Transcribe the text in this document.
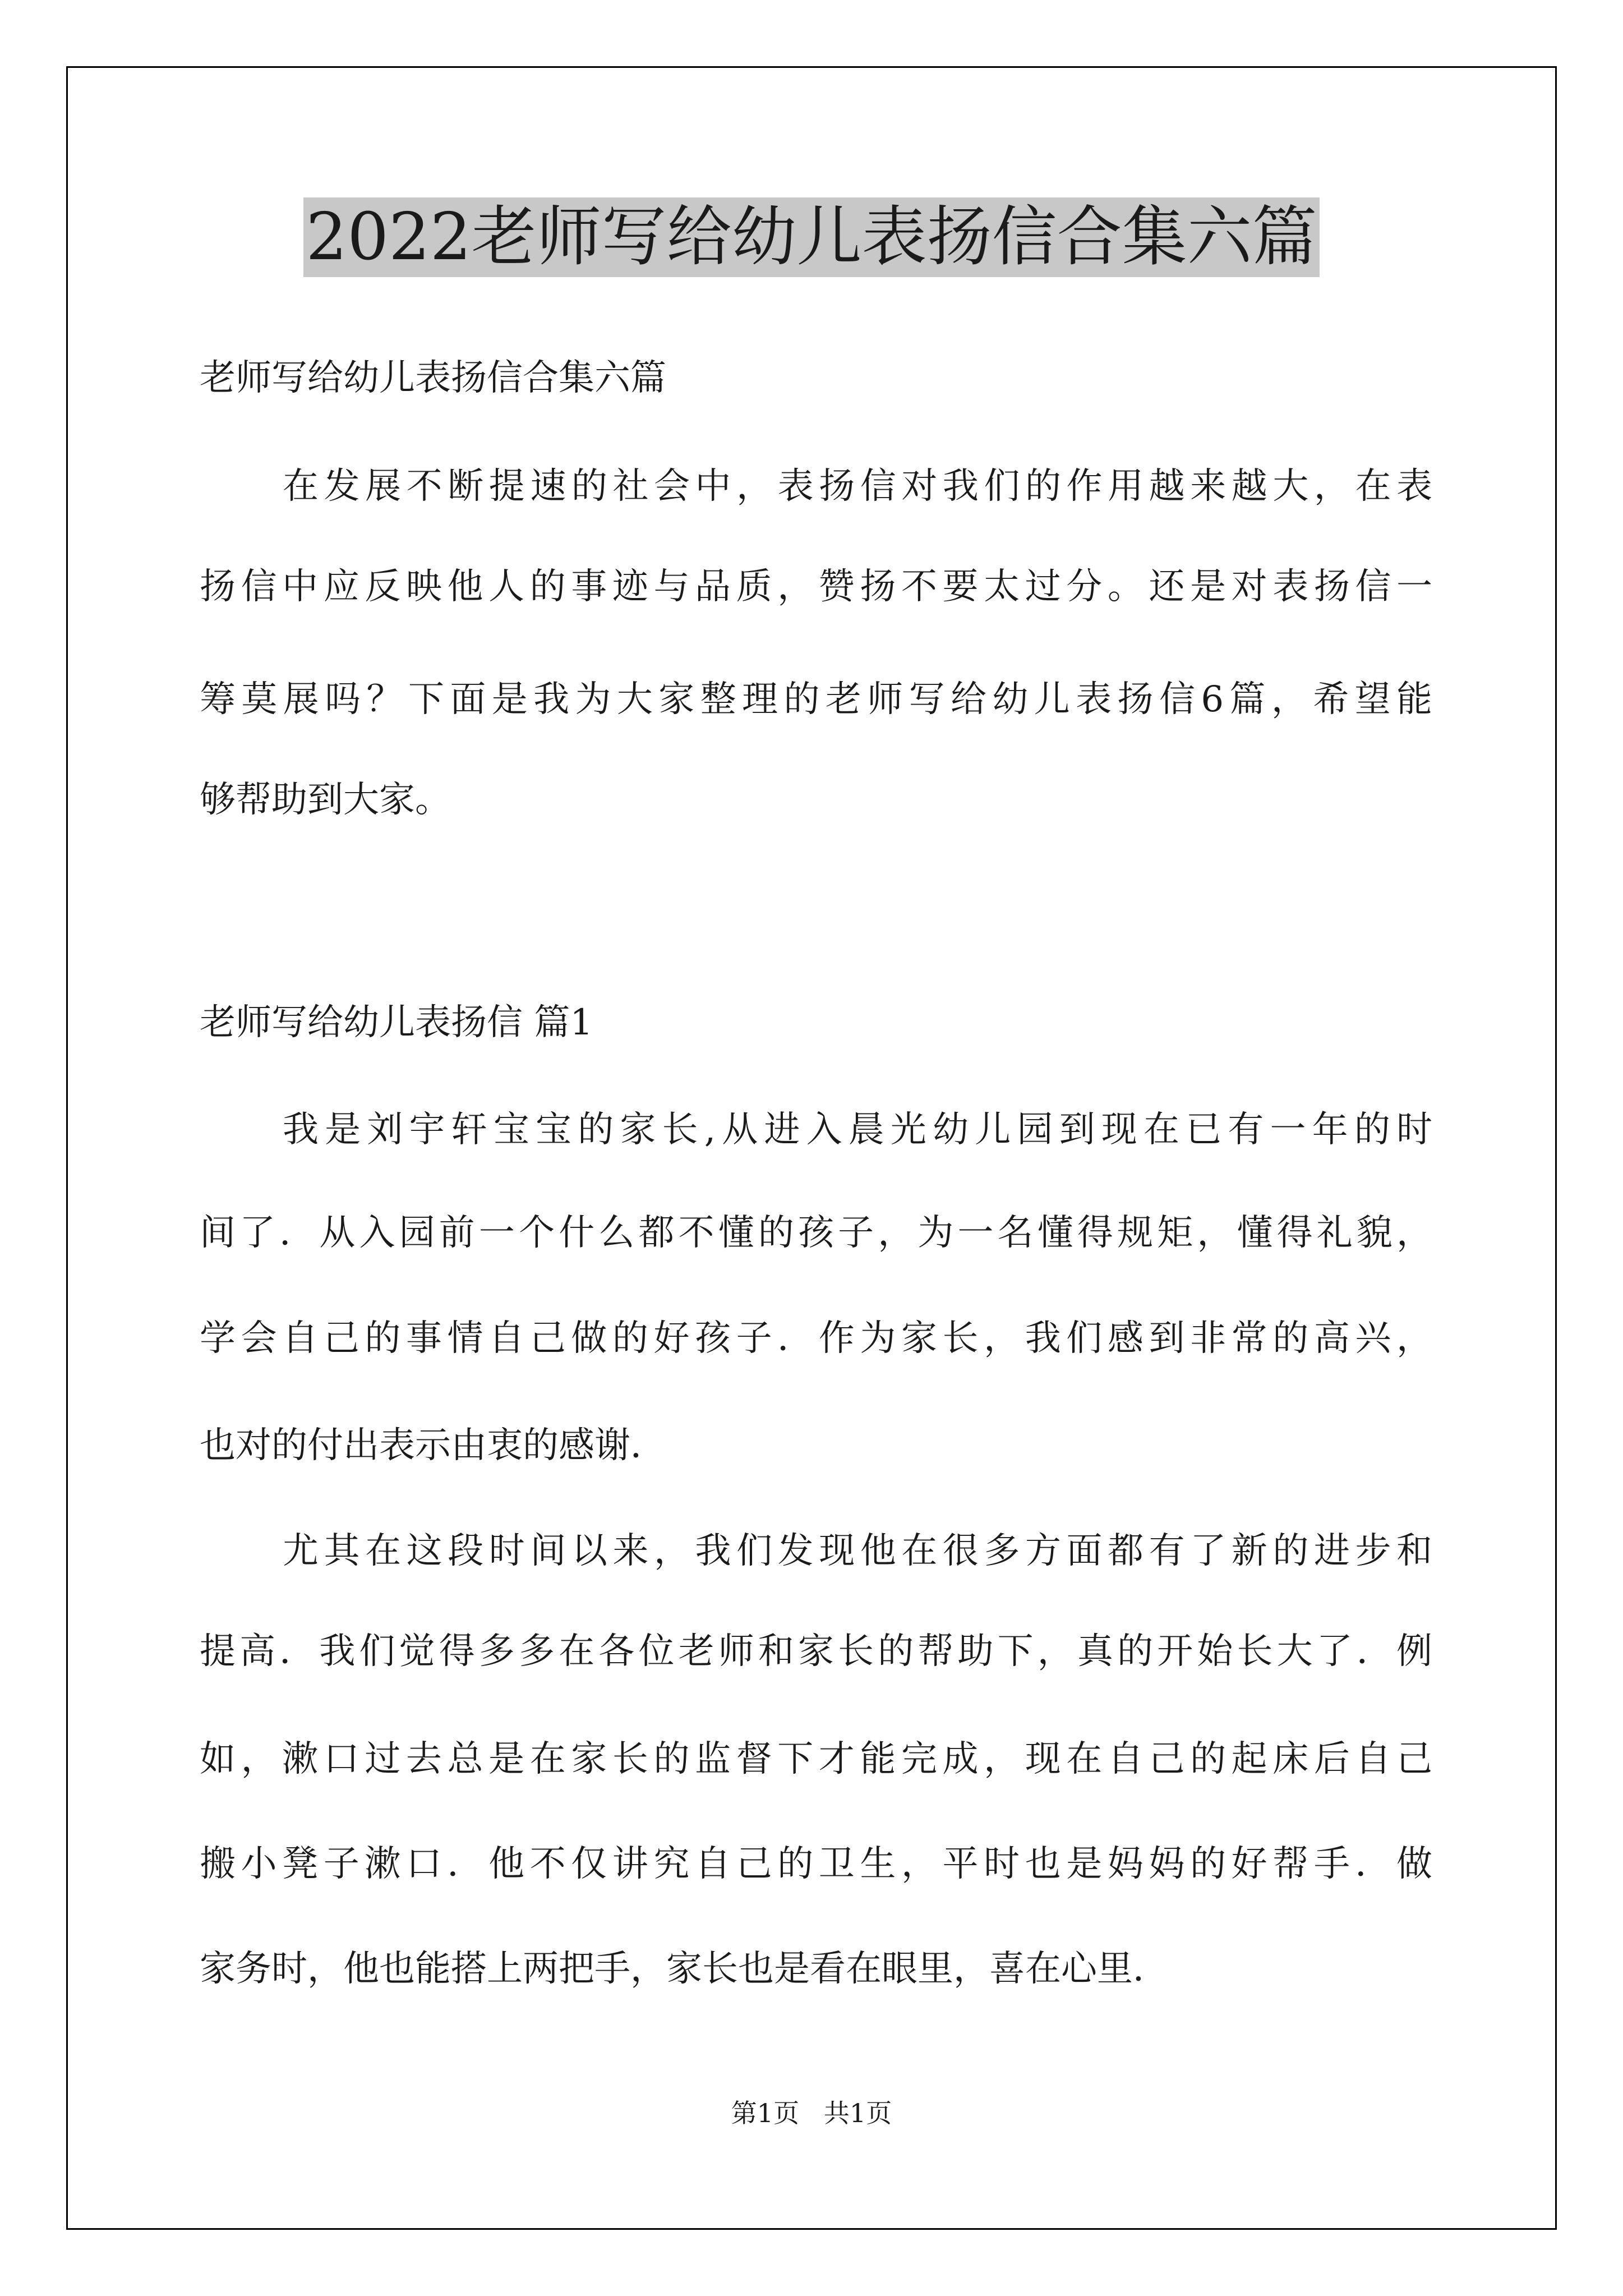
2022老师写给幼儿表扬信合集六篇
老师写给幼儿表扬信合集六篇
在发展不断提速的社会中，表扬信对我们的作用越来越大，在表
扬信中应反映他人的事迹与品质，赞扬不要太过分。还是对表扬信一
筹莫展吗？下面是我为大家整理的老师写给幼儿表扬信6篇，希望能
够帮助到大家。
老师写给幼儿表扬信 篇1
我是刘宇轩宝宝的家长,从进入晨光幼儿园到现在已有一年的时
间了．从入园前一个什么都不懂的孩子，为一名懂得规矩，懂得礼貌，
学会自己的事情自己做的好孩子．作为家长，我们感到非常的高兴，
也对的付出表示由衷的感谢．
尤其在这段时间以来，我们发现他在很多方面都有了新的进步和
提高．我们觉得多多在各位老师和家长的帮助下，真的开始长大了．例
如，漱口过去总是在家长的监督下才能完成，现在自己的起床后自己
搬小凳子漱口．他不仅讲究自己的卫生，平时也是妈妈的好帮手．做
家务时，他也能搭上两把手，家长也是看在眼里，喜在心里．
第1页   共1页
